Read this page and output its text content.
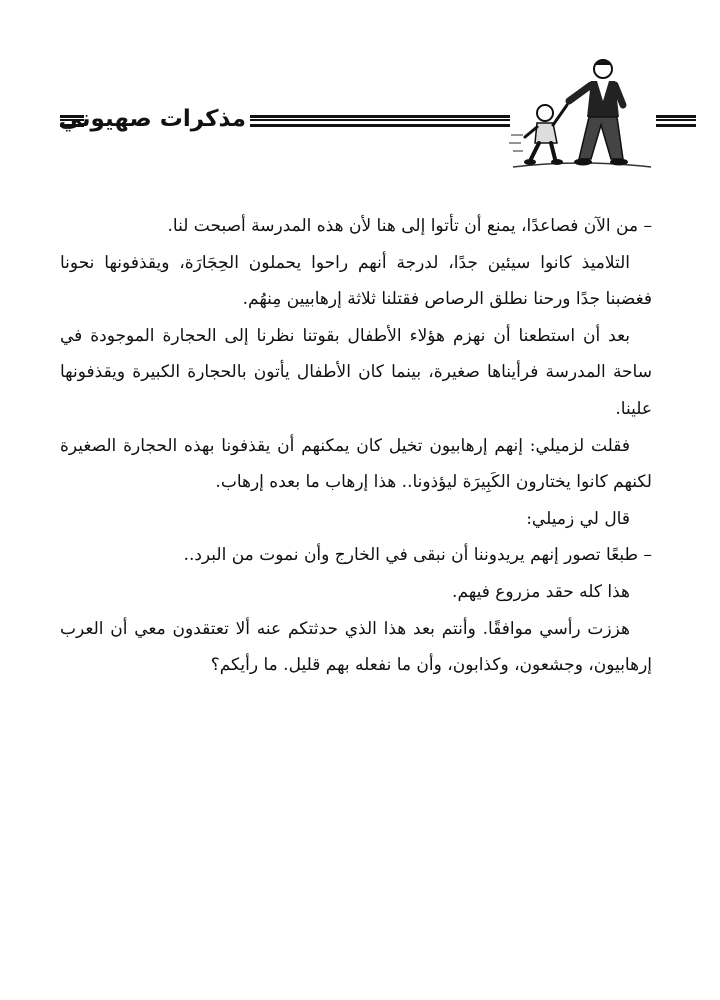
مذكرات صهيوني

– من الآن فصاعدًا، يمنع أن تأتوا إلى هنا لأن هذه المدرسة أصبحت لنا.

التلاميذ كانوا سيئين جدًا، لدرجة أنهم راحوا يحملون الحِجَارَة، ويقذفونها نحونا فغضبنا جدًا ورحنا نطلق الرصاص فقتلنا ثلاثة إرهابيين مِنهُم.

بعد أن استطعنا أن نهزم هؤلاء الأطفال بقوتنا نظرنا إلى الحجارة الموجودة في ساحة المدرسة فرأيناها صغيرة، بينما كان الأطفال يأتون بالحجارة الكبيرة ويقذفونها علينا.

فقلت لزميلي: إنهم إرهابيون تخيل كان يمكنهم أن يقذفونا بهذه الحجارة الصغيرة لكنهم كانوا يختارون الكَبِيرَة ليؤذونا.. هذا إرهاب ما بعده إرهاب.

قال لي زميلي:

– طبعًا تصور إنهم يريدوننا أن نبقى في الخارج وأن نموت من البرد..

هذا كله حقد مزروع فيهم.

هززت رأسي موافقًا. وأنتم بعد هذا الذي حدثتكم عنه ألا تعتقدون معي أن العرب إرهابيون، وجشعون، وكذابون، وأن ما نفعله بهم قليل. ما رأيكم؟
